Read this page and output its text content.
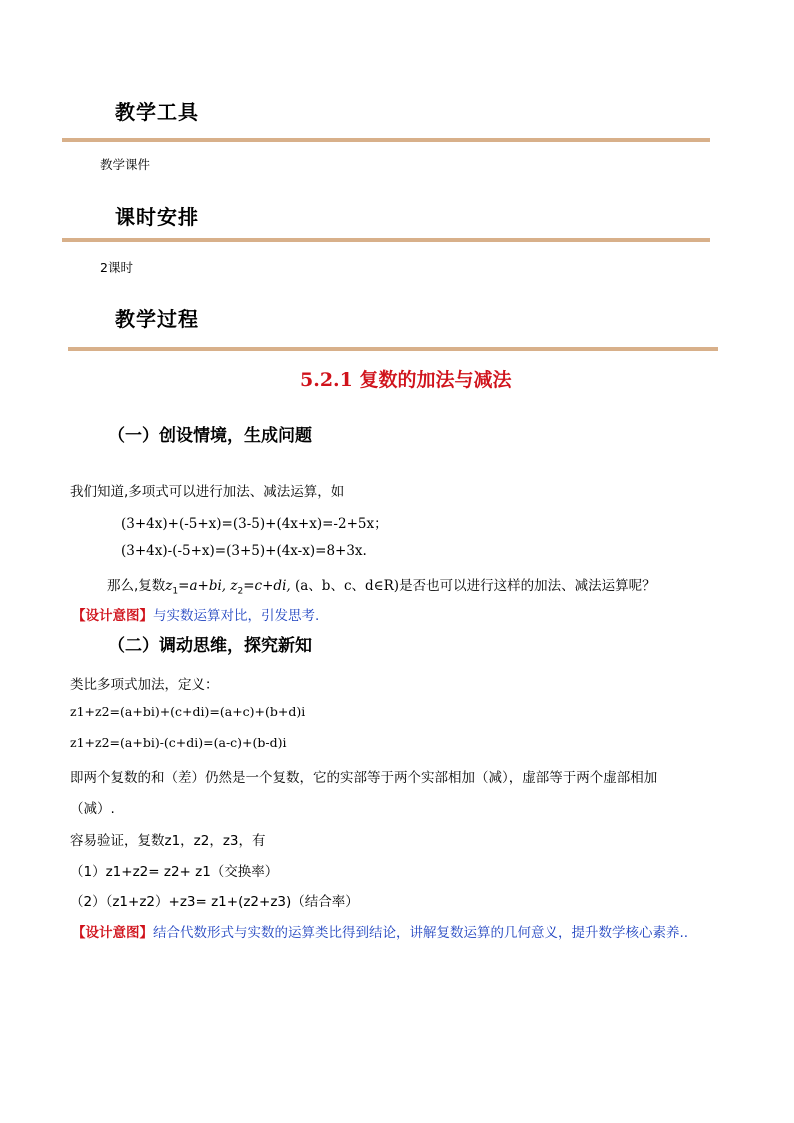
教学工具
教学课件
课时安排
2课时
教学过程
5.2.1 复数的加法与减法
（一）创设情境，生成问题
我们知道,多项式可以进行加法、减法运算，如
(3+4x)+(-5+x)=(3-5)+(4x+x)=-2+5x；
(3+4x)-(-5+x)=(3+5)+(4x-x)=8+3x.
那么,复数$z_1=a+bi$, $z_2=c+di$, (a、b、c、d∈R)是否也可以进行这样的加法、减法运算呢？
【设计意图】与实数运算对比，引发思考.
（二）调动思维，探究新知
类比多项式加法，定义：
z1+z2=(a+bi)+(c+di)=(a+c)+(b+d)i
z1+z2=(a+bi)-(c+di)=(a-c)+(b-d)i
即两个复数的和（差）仍然是一个复数，它的实部等于两个实部相加（减），虚部等于两个虚部相加
（减）.
容易验证，复数z1，z2，z3，有
（1）z1+z2= z2+ z1（交换率）
（2）（z1+z2）+z3= z1+(z2+z3)（结合率）
【设计意图】结合代数形式与实数的运算类比得到结论，讲解复数运算的几何意义，提升数学核心素养..
